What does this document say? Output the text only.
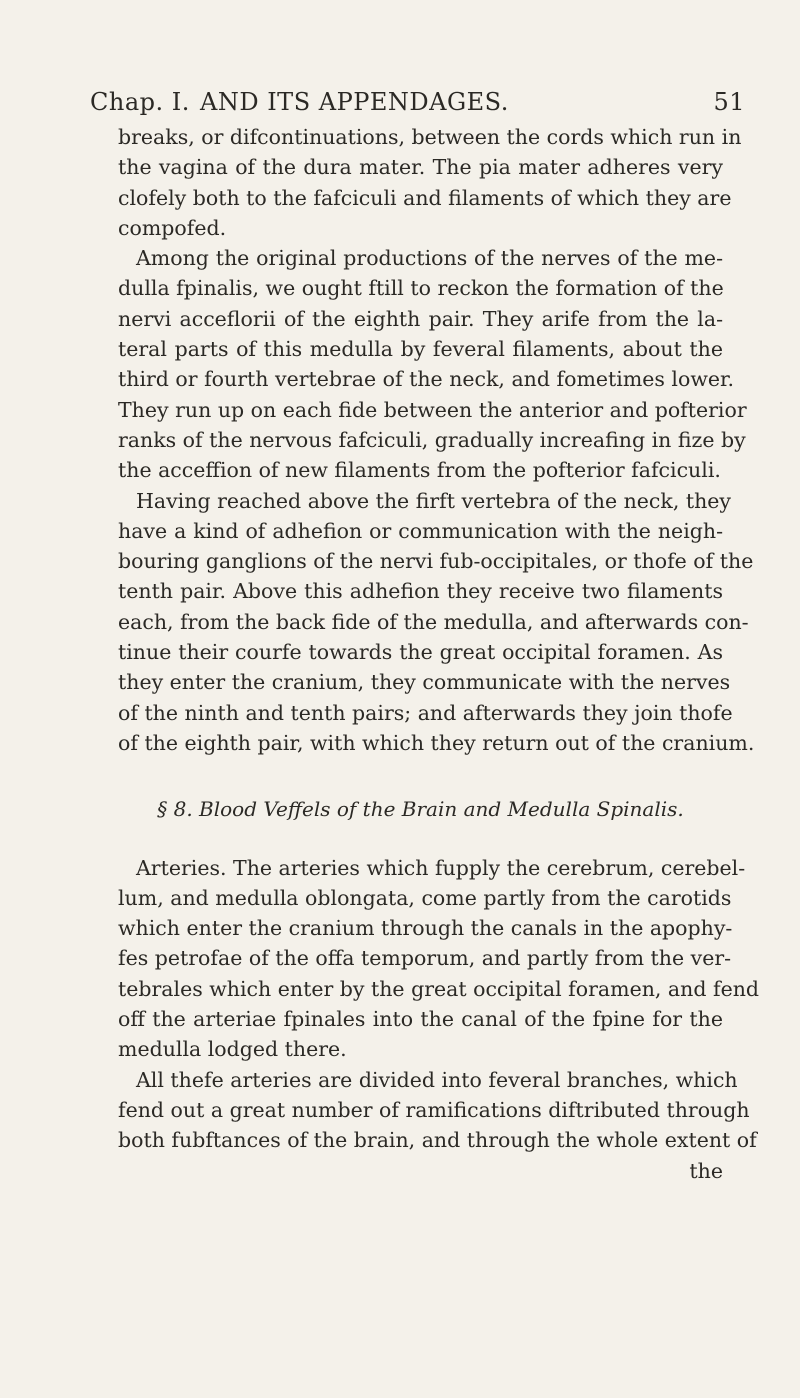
Chap. I. AND ITS APPENDAGES.	51
breaks, or difcontinuations, between the cords which run in
the vagina of the dura mater. The pia mater adheres very
clofely both to the fafciculi and filaments of which they are
compofed.
Among the original productions of the nerves of the me-
dulla fpinalis, we ought ftill to reckon the formation of the
nervi acceflorii of the eighth pair. They arife from the la-
teral parts of this medulla by feveral filaments, about the
third or fourth vertebrae of the neck, and fometimes lower.
They run up on each fide between the anterior and pofterior
ranks of the nervous fafciculi, gradually increafing in fize by
the acceffion of new filaments from the pofterior fafciculi.
Having reached above the firft vertebra of the neck, they
have a kind of adhefion or communication with the neigh-
bouring ganglions of the nervi fub-occipitales, or thofe of the
tenth pair. Above this adhefion they receive two filaments
each, from the back fide of the medulla, and afterwards con-
tinue their courfe towards the great occipital foramen. As
they enter the cranium, they communicate with the nerves
of the ninth and tenth pairs; and afterwards they join thofe
of the eighth pair, with which they return out of the cranium.
§ 8. Blood Veffels of the Brain and Medulla Spinalis.
Arteries. The arteries which fupply the cerebrum, cerebel-
lum, and medulla oblongata, come partly from the carotids
which enter the cranium through the canals in the apophy-
fes petrofae of the offa temporum, and partly from the ver-
tebrales which enter by the great occipital foramen, and fend
off the arteriae fpinales into the canal of the fpine for the
medulla lodged there.
All thefe arteries are divided into feveral branches, which
fend out a great number of ramifications diftributed through
both fubftances of the brain, and through the whole extent of
the
